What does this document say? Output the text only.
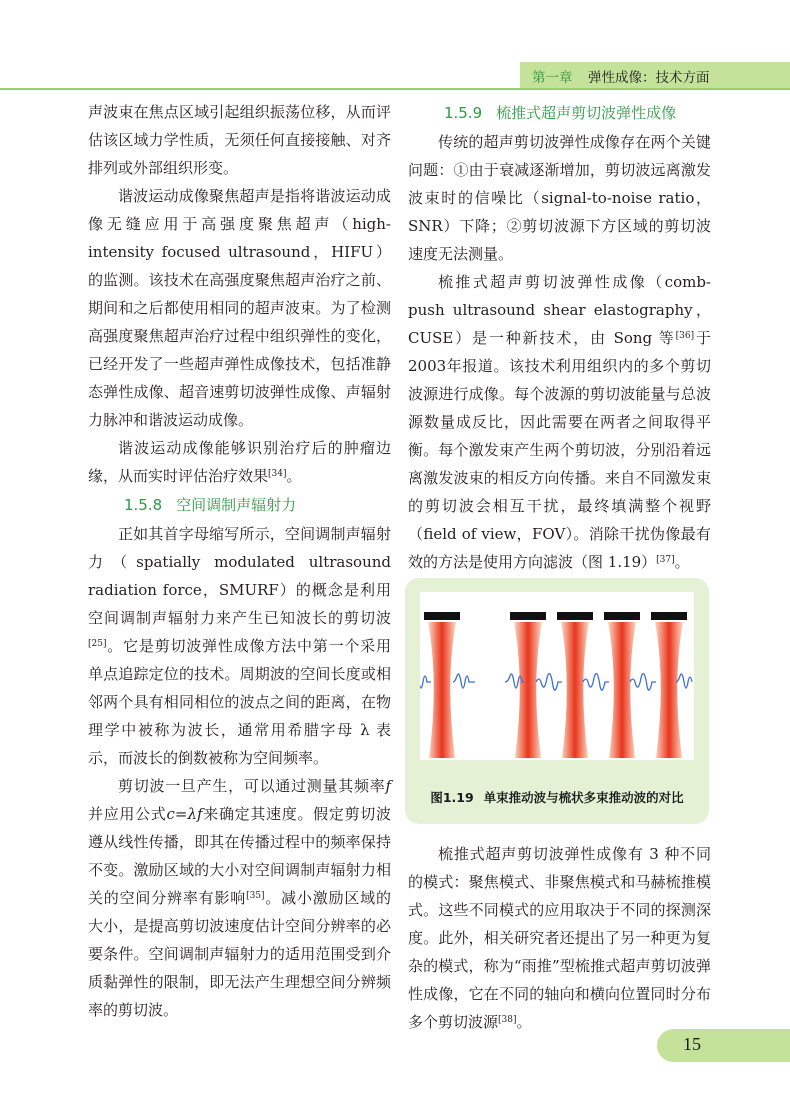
第一章 弹性成像：技术方面

声波束在焦点区域引起组织振荡位移，从而评估该区域力学性质，无须任何直接接触、对齐排列或外部组织形变。

谐波运动成像聚焦超声是指将谐波运动成像无缝应用于高强度聚焦超声（high-intensity focused ultrasound，HIFU）的监测。该技术在高强度聚焦超声治疗之前、期间和之后都使用相同的超声波束。为了检测高强度聚焦超声治疗过程中组织弹性的变化，已经开发了一些超声弹性成像技术，包括准静态弹性成像、超音速剪切波弹性成像、声辐射力脉冲和谐波运动成像。

谐波运动成像能够识别治疗后的肿瘤边缘，从而实时评估治疗效果[34]。

1.5.8 空间调制声辐射力

正如其首字母缩写所示，空间调制声辐射力（spatially modulated ultrasound radiation force，SMURF）的概念是利用空间调制声辐射力来产生已知波长的剪切波[25]。它是剪切波弹性成像方法中第一个采用单点追踪定位的技术。周期波的空间长度或相邻两个具有相同相位的波点之间的距离，在物理学中被称为波长，通常用希腊字母 λ 表示，而波长的倒数被称为空间频率。

剪切波一旦产生，可以通过测量其频率f并应用公式c=λf来确定其速度。假定剪切波遵从线性传播，即其在传播过程中的频率保持不变。激励区域的大小对空间调制声辐射力相关的空间分辨率有影响[35]。减小激励区域的大小，是提高剪切波速度估计空间分辨率的必要条件。空间调制声辐射力的适用范围受到介质黏弹性的限制，即无法产生理想空间分辨频率的剪切波。

1.5.9 梳推式超声剪切波弹性成像

传统的超声剪切波弹性成像存在两个关键问题：①由于衰减逐渐增加，剪切波远离激发波束时的信噪比（signal-to-noise ratio，SNR）下降；②剪切波源下方区域的剪切波速度无法测量。

梳推式超声剪切波弹性成像（comb-push ultrasound shear elastography，CUSE）是一种新技术，由 Song 等[36]于2003年报道。该技术利用组织内的多个剪切波源进行成像。每个波源的剪切波能量与总波源数量成反比，因此需要在两者之间取得平衡。每个激发束产生两个剪切波，分别沿着远离激发波束的相反方向传播。来自不同激发束的剪切波会相互干扰，最终填满整个视野（field of view，FOV）。消除干扰伪像最有效的方法是使用方向滤波（图 1.19）[37]。

图1.19 单束推动波与梳状多束推动波的对比

梳推式超声剪切波弹性成像有 3 种不同的模式：聚焦模式、非聚焦模式和马赫梳推模式。这些不同模式的应用取决于不同的探测深度。此外，相关研究者还提出了另一种更为复杂的模式，称为“雨推”型梳推式超声剪切波弹性成像，它在不同的轴向和横向位置同时分布多个剪切波源[38]。

15
